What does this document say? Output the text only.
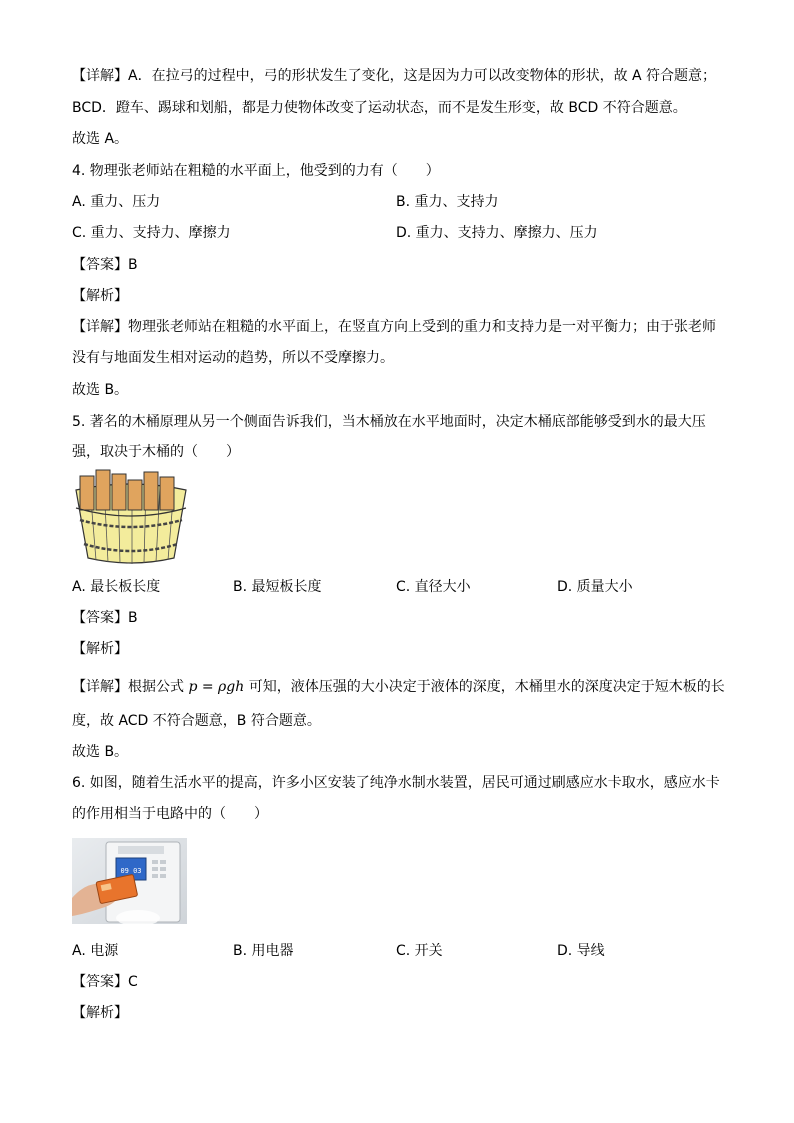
【详解】A．在拉弓的过程中，弓的形状发生了变化，这是因为力可以改变物体的形状，故 A 符合题意；
BCD．蹬车、踢球和划船，都是力使物体改变了运动状态，而不是发生形变，故 BCD 不符合题意。
故选 A。
4. 物理张老师站在粗糙的水平面上，他受到的力有（　　）
A. 重力、压力	B. 重力、支持力
C. 重力、支持力、摩擦力	D. 重力、支持力、摩擦力、压力
【答案】B
【解析】
【详解】物理张老师站在粗糙的水平面上，在竖直方向上受到的重力和支持力是一对平衡力；由于张老师
没有与地面发生相对运动的趋势，所以不受摩擦力。
故选 B。
5. 著名的木桶原理从另一个侧面告诉我们，当木桶放在水平地面时，决定木桶底部能够受到水的最大压
强，取决于木桶的（　　）
A. 最长板长度	B. 最短板长度	C. 直径大小	D. 质量大小
【答案】B
【解析】
【详解】根据公式 p = ρgh 可知，液体压强的大小决定于液体的深度，木桶里水的深度决定于短木板的长
度，故 ACD 不符合题意，B 符合题意。
故选 B。
6. 如图，随着生活水平的提高，许多小区安装了纯净水制水装置，居民可通过刷感应水卡取水，感应水卡
的作用相当于电路中的（　　）
09 03
A. 电源	B. 用电器	C. 开关	D. 导线
【答案】C
【解析】
